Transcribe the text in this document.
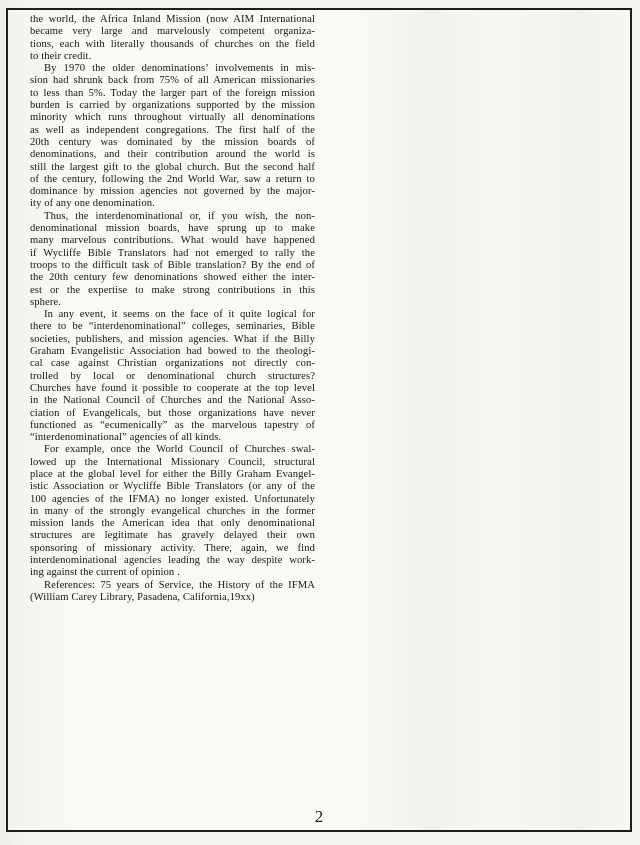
the world, the Africa Inland Mission (now AIM International
became very large and marvelously competent organiza-
tions, each with literally thousands of churches on the field
to their credit.
By 1970 the older denominations’ involvements in mis-
sion had shrunk back from 75% of all American missionaries
to less than 5%. Today the larger part of the foreign mission
burden is carried by organizations supported by the mission
minority which runs throughout virtually all denominations
as well as independent congregations. The first half of the
20th century was dominated by the mission boards of
denominations, and their contribution around the world is
still the largest gift to the global church. But the second half
of the century, following the 2nd World War, saw a return to
dominance by mission agencies not governed by the major-
ity of any one denomination.
Thus, the interdenominational or, if you wish, the non-
denominational mission boards, have sprung up to make
many marvelous contributions. What would have happened
if Wycliffe Bible Translators had not emerged to rally the
troops to the difficult task of Bible translation? By the end of
the 20th century few denominations showed either the inter-
est or the expertise to make strong contributions in this
sphere.
In any event, it seems on the face of it quite logical for
there to be “interdenominational” colleges, seminaries, Bible
societies, publishers, and mission agencies. What if the Billy
Graham Evangelistic Association had bowed to the theologi-
cal case against Christian organizations not directly con-
trolled by local or denominational church structures?
Churches have found it possible to cooperate at the top level
in the National Council of Churches and the National Asso-
ciation of Evangelicals, but those organizations have never
functioned as “ecumenically” as the marvelous tapestry of
“interdenominational” agencies of all kinds.
For example, once the World Council of Churches swal-
lowed up the International Missionary Council, structural
place at the global level for either the Billy Graham Evangel-
istic Association or Wycliffe Bible Translators (or any of the
100 agencies of the IFMA) no longer existed. Unfortunately
in many of the strongly evangelical churches in the former
mission lands the American idea that only denominational
structures are legitimate has gravely delayed their own
sponsoring of missionary activity. There, again, we find
interdenominational agencies leading the way despite work-
ing against the current of opinion .
References: 75 years of Service, the History of the IFMA
(William Carey Library, Pasadena, California,19xx)
2
